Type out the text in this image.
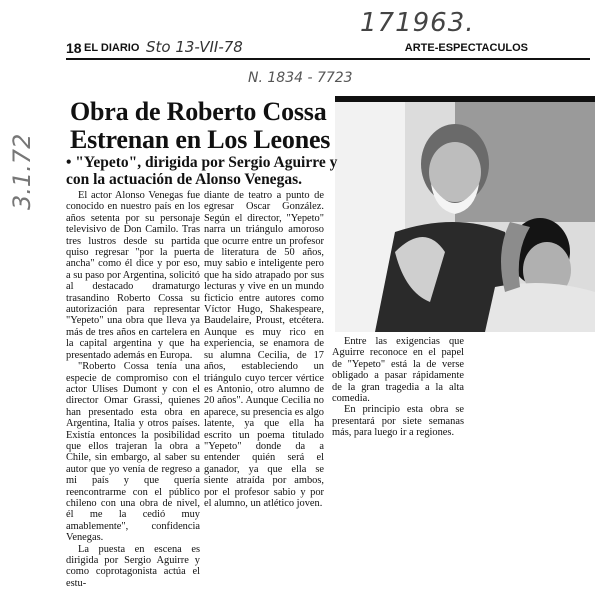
171963.
3.1.72
18 EL DIARIO Sto 13-VII-78	ARTE-ESPECTACULOS
N. 1834 - 7723
Obra de Roberto Cossa
Estrenan en Los Leones
• "Yepeto", dirigida por Sergio Aguirre y con la actuación de Alonso Venegas.

El actor Alonso Venegas fue conocido en nuestro país en los años setenta por su personaje televisivo de Don Camilo. Tras tres lustros desde su partida quiso regresar "por la puerta ancha" como él dice y por eso, a su paso por Argentina, solicitó al destacado dramaturgo trasandino Roberto Cossa su autorización para representar "Yepeto" una obra que lleva ya más de tres años en cartelera en la capital argentina y que ha presentado además en Europa.

"Roberto Cossa tenía una especie de compromiso con el actor Ulises Dumont y con el director Omar Grassi, quienes han presentado esta obra en Argentina, Italia y otros países. Existía entonces la posibilidad que ellos trajeran la obra a Chile, sin embargo, al saber su autor que yo venía de regreso a mi país y que quería reencontrarme con el público chileno con una obra de nivel, él me la cedió muy amablemente", confidencia Venegas.

La puesta en escena es dirigida por Sergio Aguirre y como coprotagonista actúa el estu-

diante de teatro a punto de egresar Oscar González. Según el director, "Yepeto" narra un triángulo amoroso que ocurre entre un profesor de literatura de 50 años, muy sabio e inteligente pero que ha sido atrapado por sus lecturas y vive en un mundo ficticio entre autores como Víctor Hugo, Shakespeare, Baudelaire, Proust, etcétera. Aunque es muy rico en experiencia, se enamora de su alumna Cecilia, de 17 años, estableciendo un triángulo cuyo tercer vértice es Antonio, otro alumno de 20 años". Aunque Cecilia no aparece, su presencia es algo latente, ya que ella ha escrito un poema titulado "Yepeto" donde da a entender quién será el ganador, ya que ella se siente atraída por ambos, por el profesor sabio y por el alumno, un atlético joven.

Entre las exigencias que Aguirre reconoce en el papel de "Yepeto" está la de verse obligado a pasar rápidamente de la gran tragedia a la alta comedia.

En principio esta obra se presentará por siete semanas más, para luego ir a regiones.
